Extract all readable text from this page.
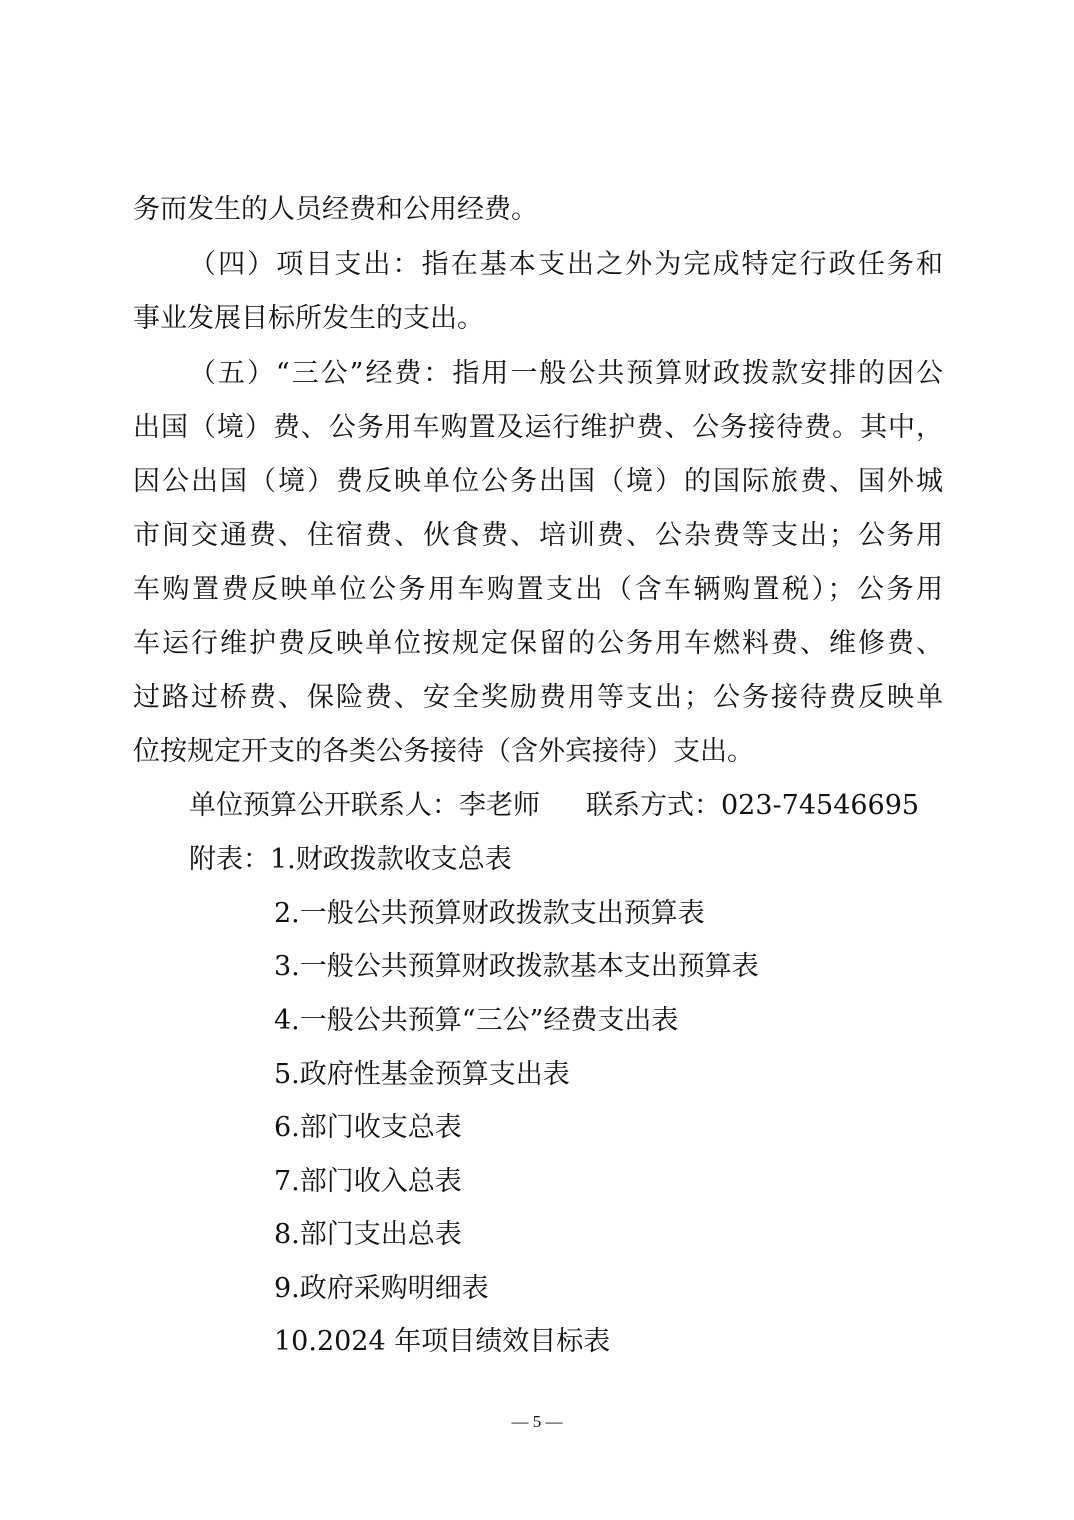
务而发生的人员经费和公用经费。
（四）项目支出：指在基本支出之外为完成特定行政任务和
事业发展目标所发生的支出。
（五）“三公”经费：指用一般公共预算财政拨款安排的因公
出国（境）费、公务用车购置及运行维护费、公务接待费。其中，
因公出国（境）费反映单位公务出国（境）的国际旅费、国外城
市间交通费、住宿费、伙食费、培训费、公杂费等支出；公务用
车购置费反映单位公务用车购置支出（含车辆购置税）；公务用
车运行维护费反映单位按规定保留的公务用车燃料费、维修费、
过路过桥费、保险费、安全奖励费用等支出；公务接待费反映单
位按规定开支的各类公务接待（含外宾接待）支出。
单位预算公开联系人：李老师 联系方式：023-74546695
附表：1.财政拨款收支总表
2.一般公共预算财政拨款支出预算表
3.一般公共预算财政拨款基本支出预算表
4.一般公共预算“三公”经费支出表
5.政府性基金预算支出表
6.部门收支总表
7.部门收入总表
8.部门支出总表
9.政府采购明细表
10.2024 年项目绩效目标表
— 5 —
